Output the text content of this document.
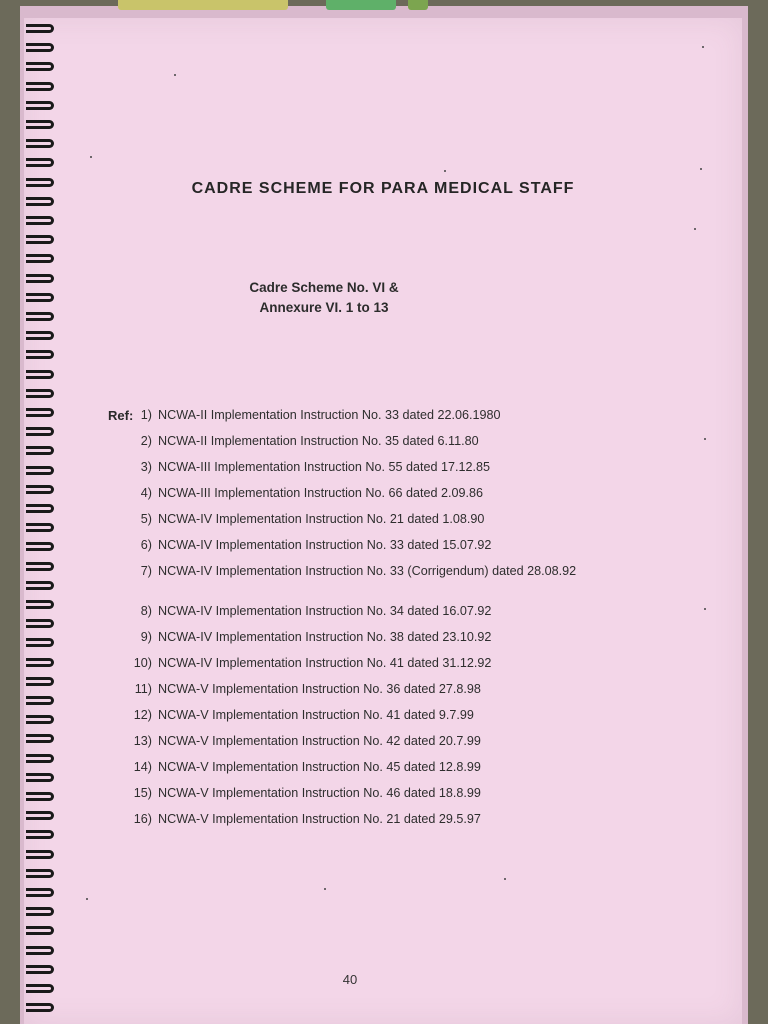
CADRE SCHEME FOR PARA MEDICAL STAFF

Cadre Scheme No. VI &

Annexure VI. 1 to 13

Ref: 1) NCWA-II Implementation Instruction No. 33 dated 22.06.1980
2) NCWA-II Implementation Instruction No. 35 dated 6.11.80
3) NCWA-III Implementation Instruction No. 55 dated 17.12.85
4) NCWA-III Implementation Instruction No. 66 dated 2.09.86
5) NCWA-IV Implementation Instruction No. 21 dated 1.08.90
6) NCWA-IV Implementation Instruction No. 33 dated 15.07.92
7) NCWA-IV Implementation Instruction No. 33 (Corrigendum) dated 28.08.92
8) NCWA-IV Implementation Instruction No. 34 dated 16.07.92
9) NCWA-IV Implementation Instruction No. 38 dated 23.10.92
10) NCWA-IV Implementation Instruction No. 41 dated 31.12.92
11) NCWA-V Implementation Instruction No. 36 dated 27.8.98
12) NCWA-V Implementation Instruction No. 41 dated 9.7.99
13) NCWA-V Implementation Instruction No. 42 dated 20.7.99
14) NCWA-V Implementation Instruction No. 45 dated 12.8.99
15) NCWA-V Implementation Instruction No. 46 dated 18.8.99
16) NCWA-V Implementation Instruction No. 21 dated 29.5.97
40
